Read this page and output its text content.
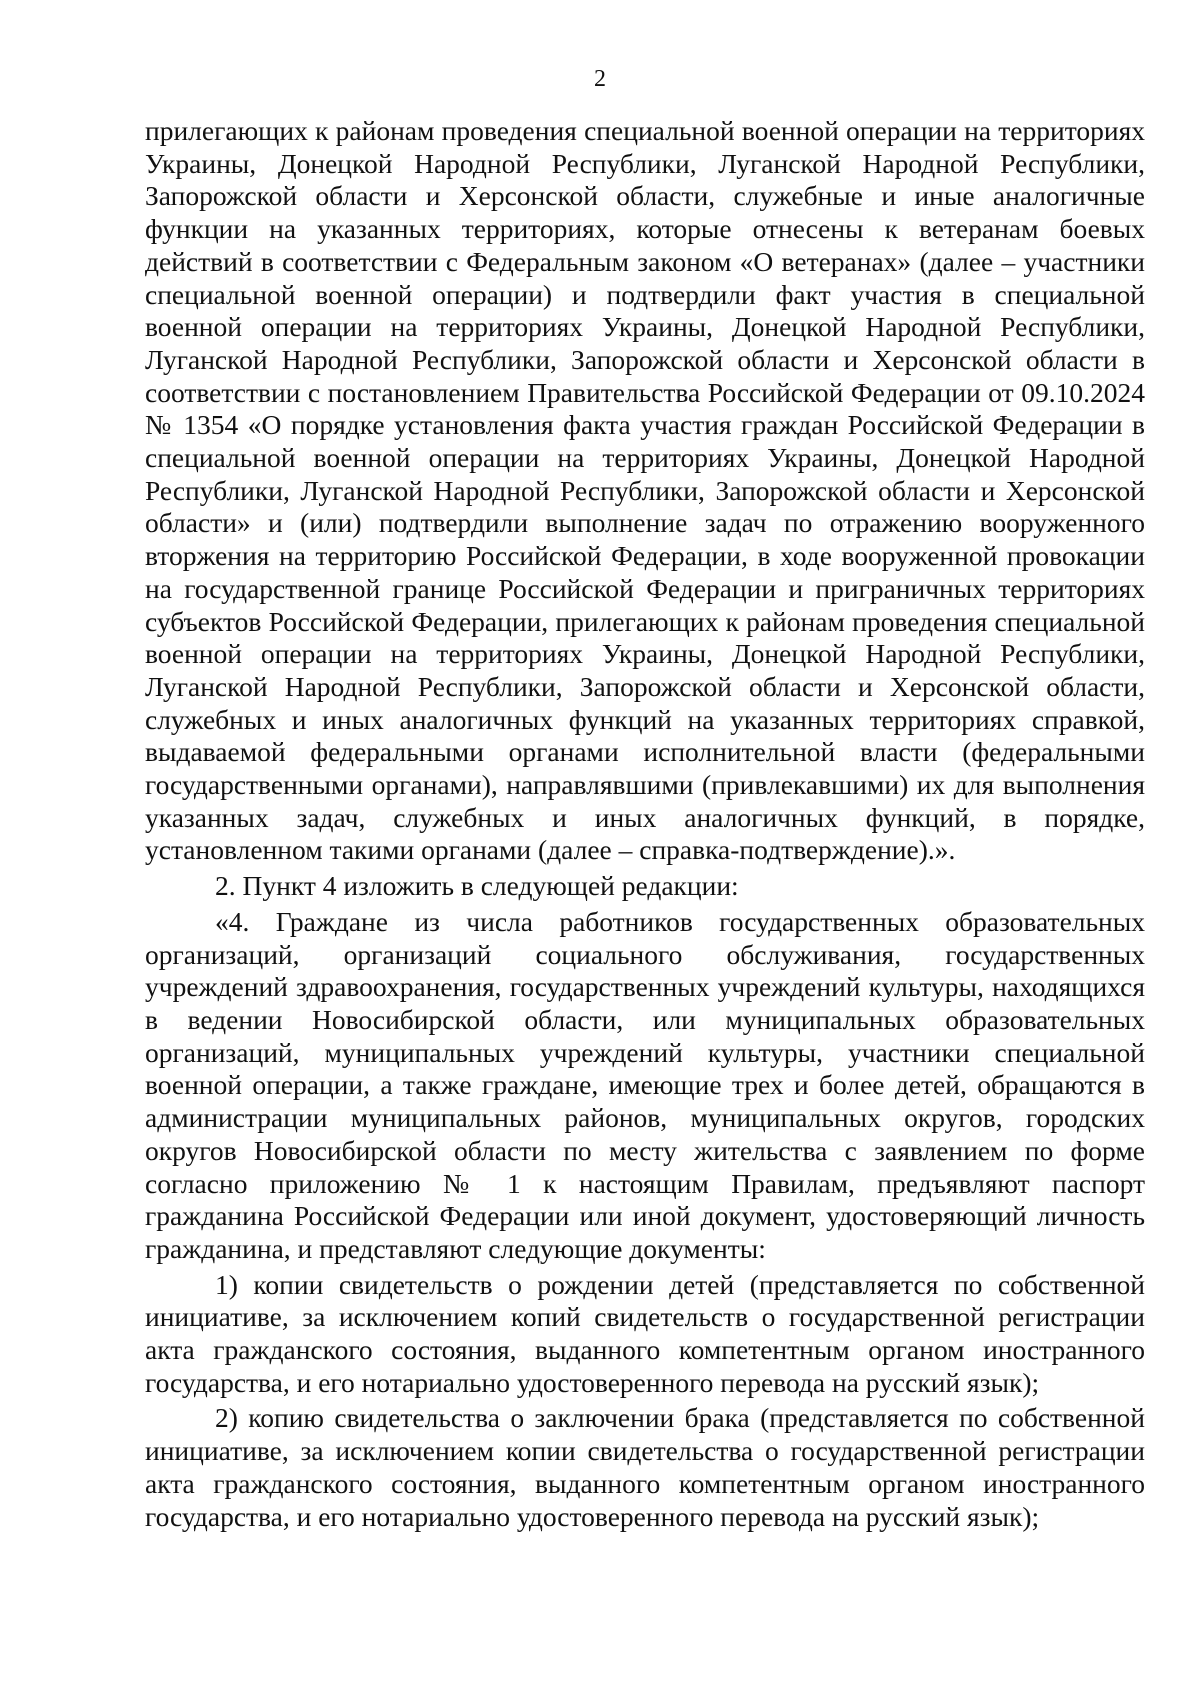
2

прилегающих к районам проведения специальной военной операции на территориях Украины, Донецкой Народной Республики, Луганской Народной Республики, Запорожской области и Херсонской области, служебные и иные аналогичные функции на указанных территориях, которые отнесены к ветеранам боевых действий в соответствии с Федеральным законом «О ветеранах» (далее – участники специальной военной операции) и подтвердили факт участия в специальной военной операции на территориях Украины, Донецкой Народной Республики, Луганской Народной Республики, Запорожской области и Херсонской области в соответствии с постановлением Правительства Российской Федерации от 09.10.2024 № 1354 «О порядке установления факта участия граждан Российской Федерации в специальной военной операции на территориях Украины, Донецкой Народной Республики, Луганской Народной Республики, Запорожской области и Херсонской области» и (или) подтвердили выполнение задач по отражению вооруженного вторжения на территорию Российской Федерации, в ходе вооруженной провокации на государственной границе Российской Федерации и приграничных территориях субъектов Российской Федерации, прилегающих к районам проведения специальной военной операции на территориях Украины, Донецкой Народной Республики, Луганской Народной Республики, Запорожской области и Херсонской области, служебных и иных аналогичных функций на указанных территориях справкой, выдаваемой федеральными органами исполнительной власти (федеральными государственными органами), направлявшими (привлекавшими) их для выполнения указанных задач, служебных и иных аналогичных функций, в порядке, установленном такими органами (далее – справка-подтверждение).».

2. Пункт 4 изложить в следующей редакции:

«4. Граждане из числа работников государственных образовательных организаций, организаций социального обслуживания, государственных учреждений здравоохранения, государственных учреждений культуры, находящихся в ведении Новосибирской области, или муниципальных образовательных организаций, муниципальных учреждений культуры, участники специальной военной операции, а также граждане, имеющие трех и более детей, обращаются в администрации муниципальных районов, муниципальных округов, городских округов Новосибирской области по месту жительства с заявлением по форме согласно приложению № 1 к настоящим Правилам, предъявляют паспорт гражданина Российской Федерации или иной документ, удостоверяющий личность гражданина, и представляют следующие документы:

1) копии свидетельств о рождении детей (представляется по собственной инициативе, за исключением копий свидетельств о государственной регистрации акта гражданского состояния, выданного компетентным органом иностранного государства, и его нотариально удостоверенного перевода на русский язык);

2) копию свидетельства о заключении брака (представляется по собственной инициативе, за исключением копии свидетельства о государственной регистрации акта гражданского состояния, выданного компетентным органом иностранного государства, и его нотариально удостоверенного перевода на русский язык);
